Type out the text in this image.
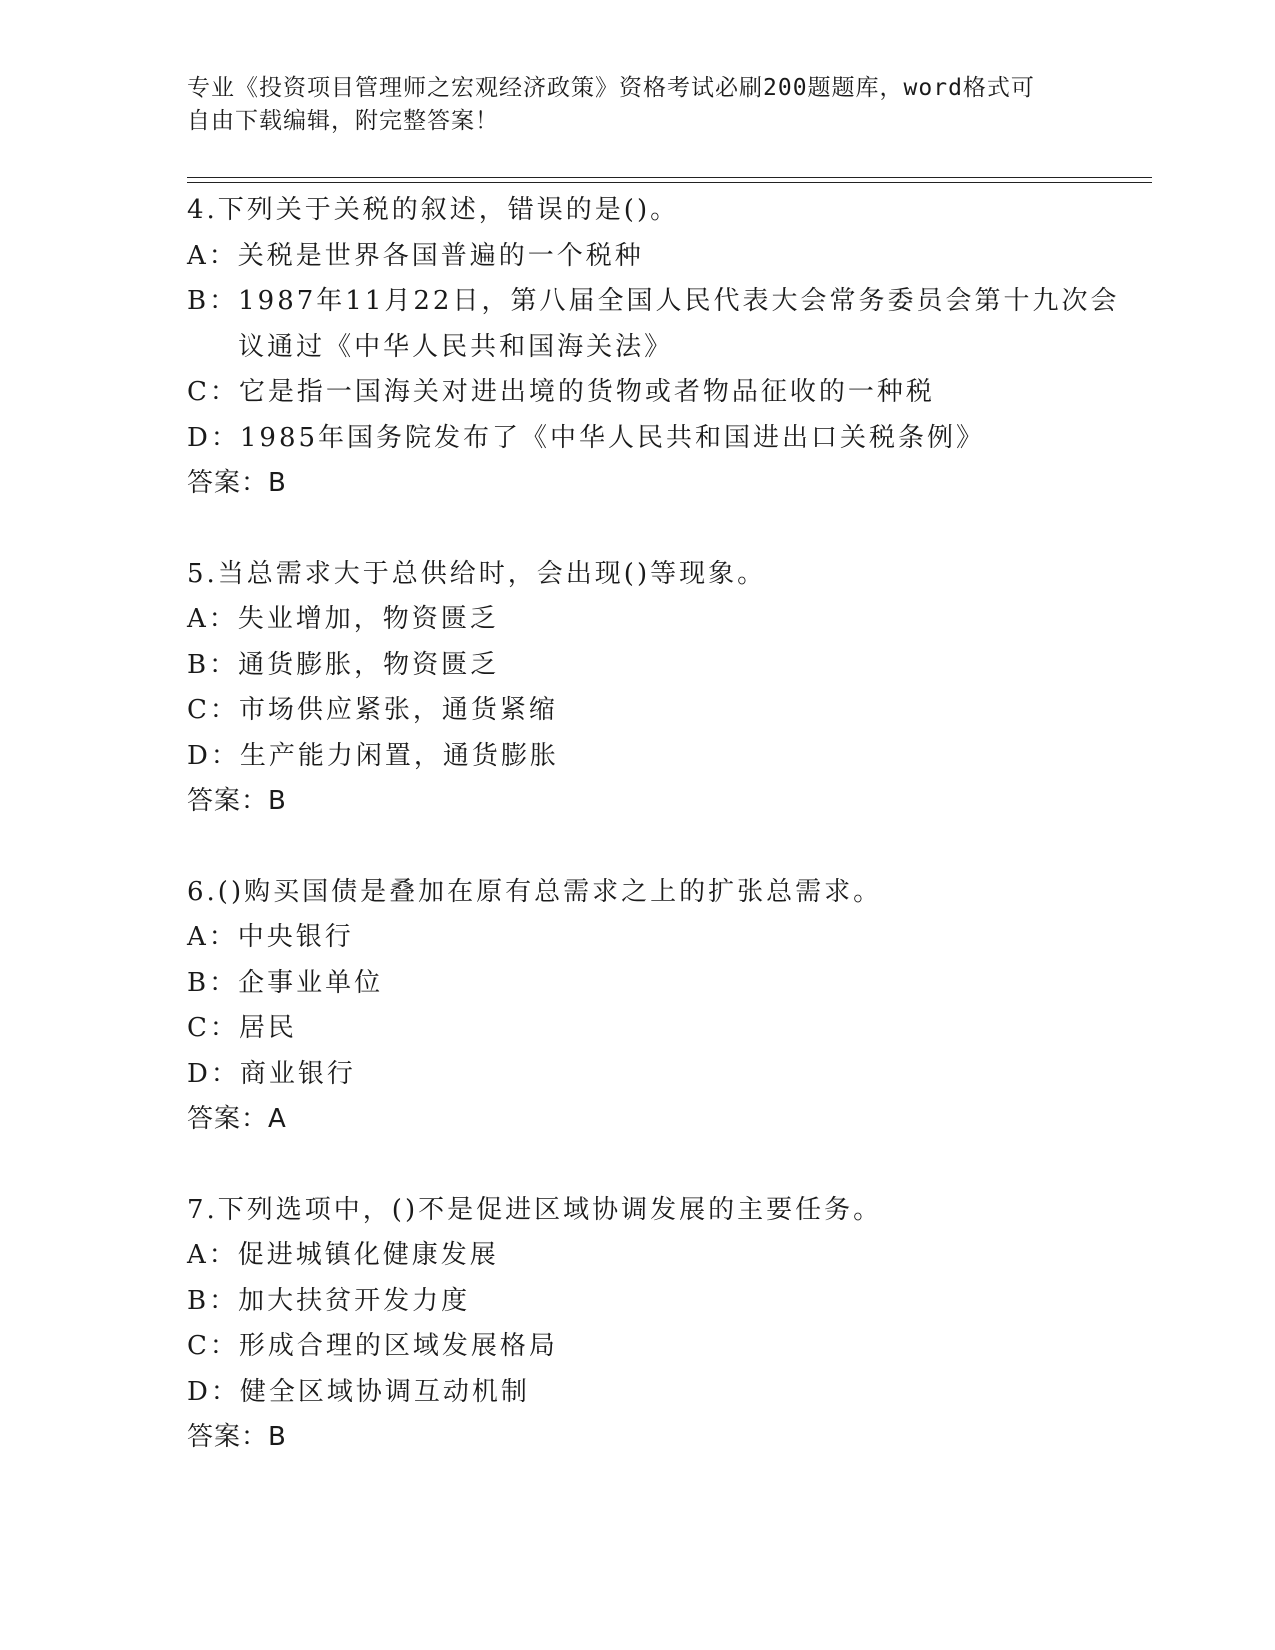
专业《投资项目管理师之宏观经济政策》资格考试必刷200题题库，word格式可
自由下载编辑，附完整答案！
4.下列关于关税的叙述，错误的是()。
A： 关税是世界各国普遍的一个税种
B： 1987年11月22日，第八届全国人民代表大会常务委员会第十九次会议通过《中华人民共和国海关法》
C： 它是指一国海关对进出境的货物或者物品征收的一种税
D： 1985年国务院发布了《中华人民共和国进出口关税条例》
答案：B
5.当总需求大于总供给时，会出现()等现象。
A： 失业增加，物资匮乏
B： 通货膨胀，物资匮乏
C： 市场供应紧张，通货紧缩
D： 生产能力闲置，通货膨胀
答案：B
6.()购买国债是叠加在原有总需求之上的扩张总需求。
A： 中央银行
B： 企事业单位
C： 居民
D： 商业银行
答案：A
7.下列选项中，()不是促进区域协调发展的主要任务。
A： 促进城镇化健康发展
B： 加大扶贫开发力度
C： 形成合理的区域发展格局
D： 健全区域协调互动机制
答案：B
